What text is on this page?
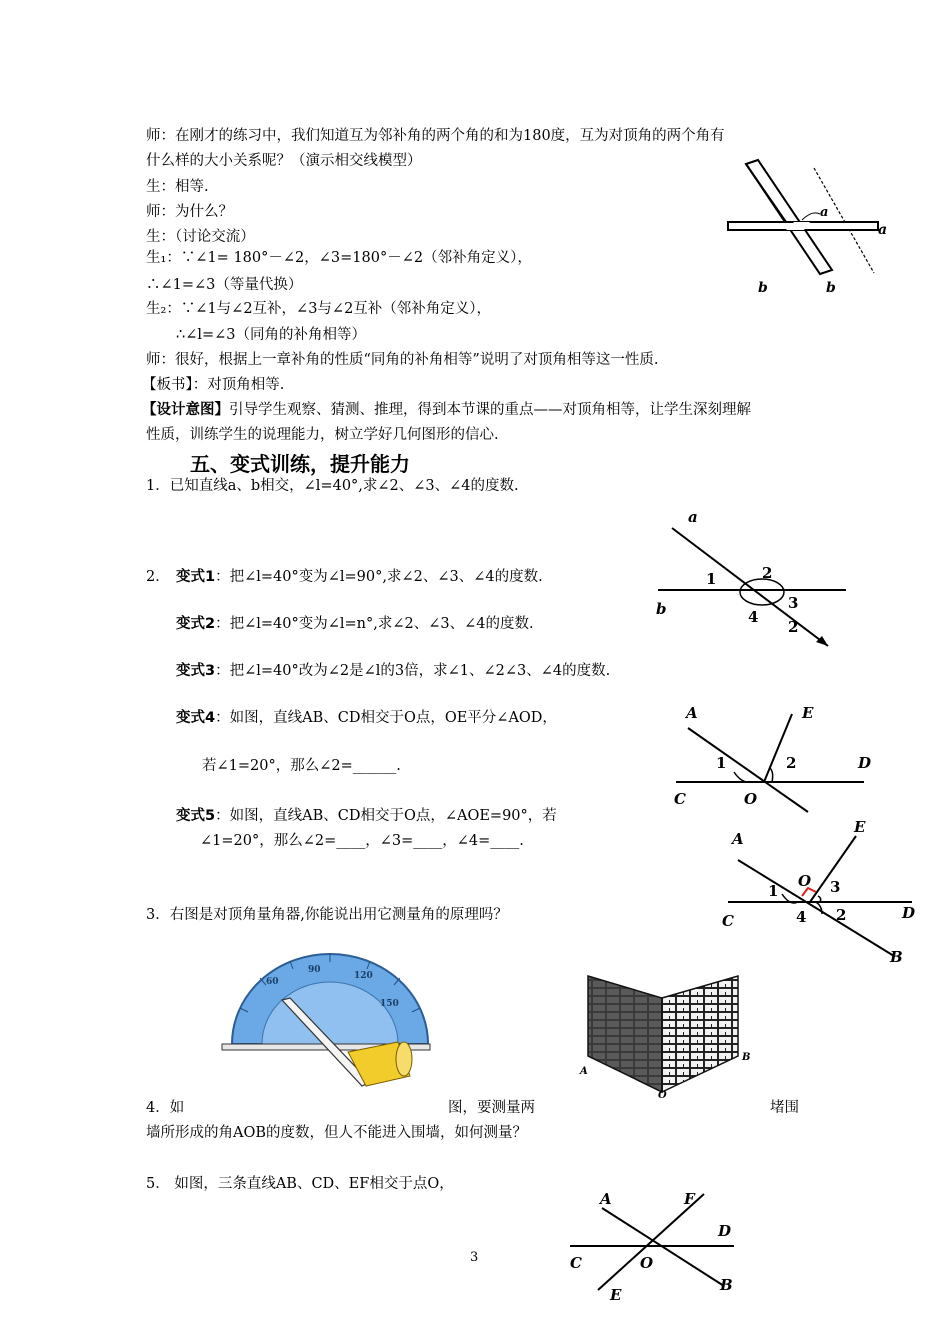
师：在刚才的练习中，我们知道互为邻补角的两个角的和为180度，互为对顶角的两个角有
什么样的大小关系呢？（演示相交线模型）
生：相等.
师：为什么？
生：（讨论交流）
生₁：∵∠1= 180°－∠2，∠3=180°－∠2（邻补角定义），
∴∠1=∠3（等量代换）
生₂：∵∠1与∠2互补，∠3与∠2互补（邻补角定义），
∴∠l=∠3（同角的补角相等）
师：很好，根据上一章补角的性质“同角的补角相等”说明了对顶角相等这一性质.
【板书】：对顶角相等.
【设计意图】引导学生观察、猜测、推理，得到本节课的重点——对顶角相等，让学生深刻理解
性质，训练学生的说理能力，树立学好几何图形的信心.
五、变式训练，提升能力
1．已知直线a、b相交，∠l=40°,求∠2、∠3、∠4的度数.
2． 变式1：把∠l=40°变为∠l=90°,求∠2、∠3、∠4的度数.
变式2：把∠l=40°变为∠l=n°,求∠2、∠3、∠4的度数.
变式3：把∠l=40°改为∠2是∠l的3倍，求∠1、∠2∠3、∠4的度数.
变式4：如图，直线AB、CD相交于O点，OE平分∠AOD，
若∠1=20°，那么∠2=______.
变式5：如图，直线AB、CD相交于O点，∠AOE=90°，若
∠1=20°，那么∠2=____，∠3=____，∠4=____.
3．右图是对顶角量角器,你能说出用它测量角的原理吗？
4．如	图，要测量两	堵围
墙所形成的角AOB的度数，但人不能进入围墙，如何测量？
5． 如图，三条直线AB、CD、EF相交于点O，
3
a
a
b	b
a
b
1	2
3
4
2
A	E
D
C	O
1	2
A
E
O
1	3
C	4 2	D
B
90
60
120
150
A
B
O
A	F
D
C	O
B
E
